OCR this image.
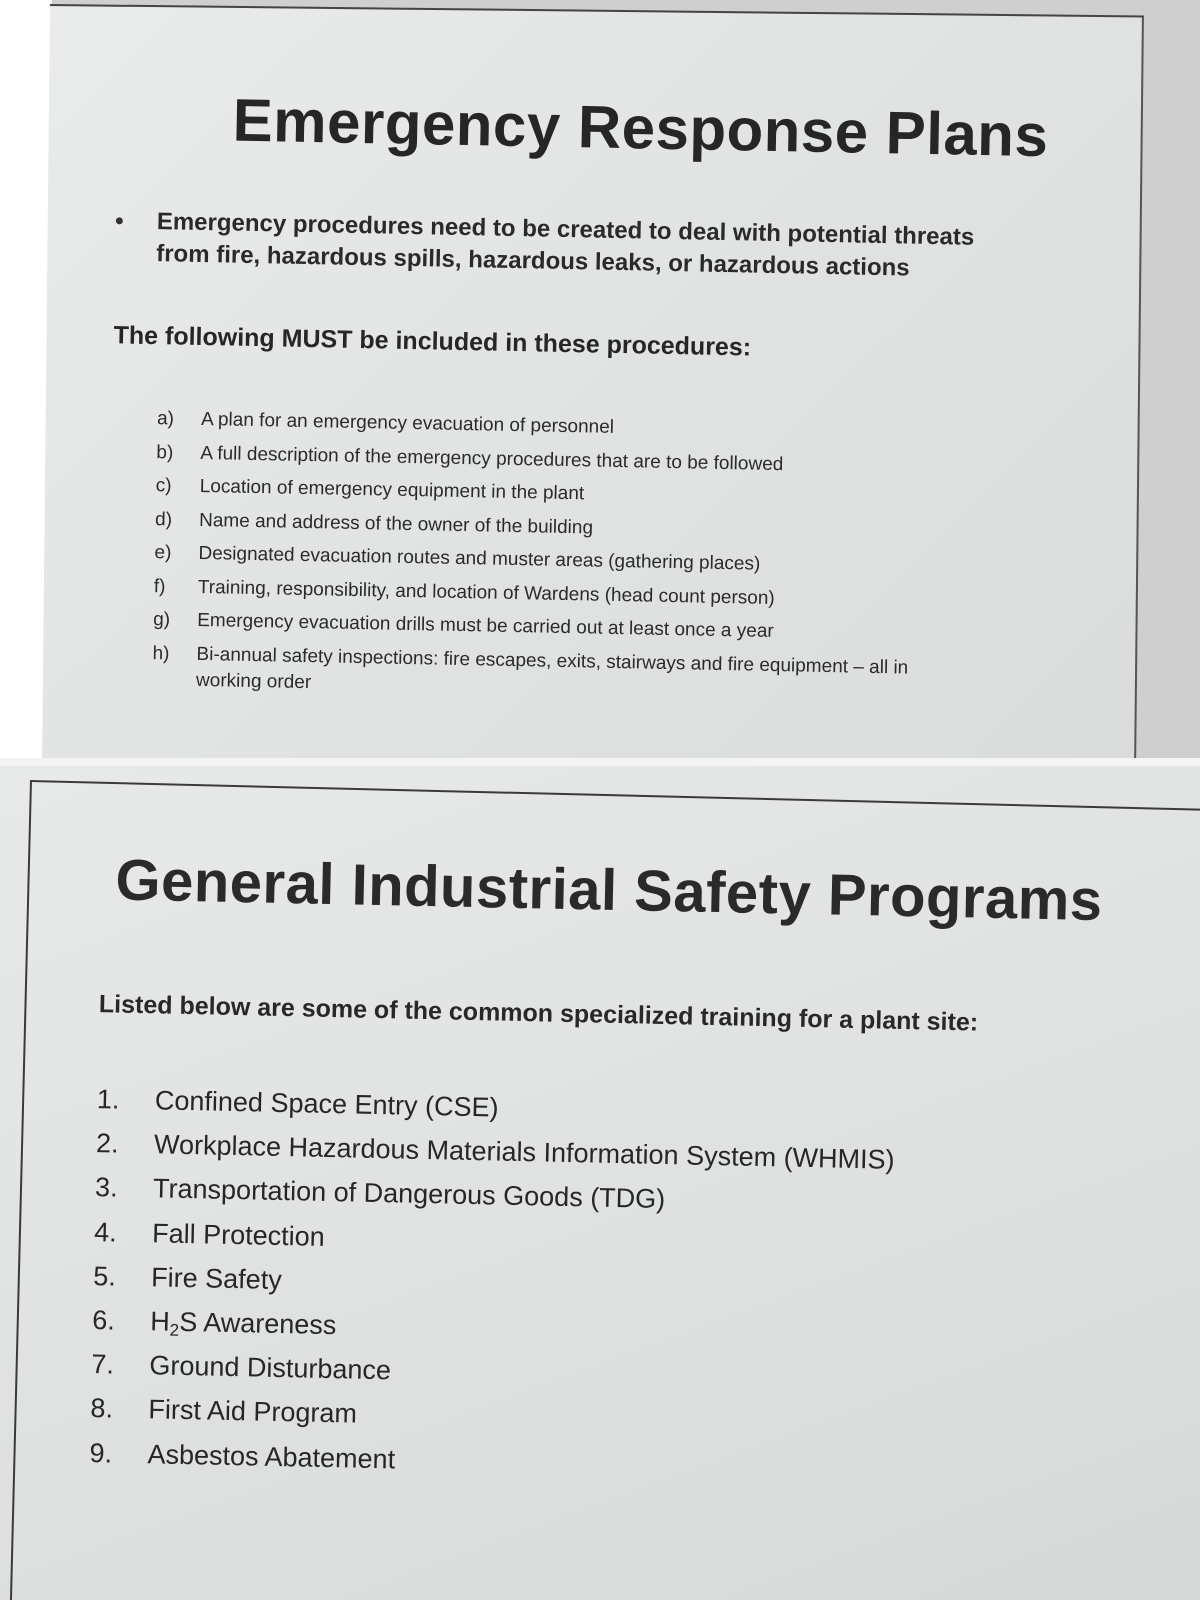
Emergency Response Plans
Emergency procedures need to be created to deal with potential threats from fire, hazardous spills, hazardous leaks, or hazardous actions
The following MUST be included in these procedures:
a)	A plan for an emergency evacuation of personnel
b)	A full description of the emergency procedures that are to be followed
c)	Location of emergency equipment in the plant
d)	Name and address of the owner of the building
e)	Designated evacuation routes and muster areas (gathering places)
f)	Training, responsibility, and location of Wardens (head count person)
g)	Emergency evacuation drills must be carried out at least once a year
h)	Bi-annual safety inspections: fire escapes, exits, stairways and fire equipment – all in working order
General Industrial Safety Programs
Listed below are some of the common specialized training for a plant site:
1.	Confined Space Entry (CSE)
2.	Workplace Hazardous Materials Information System (WHMIS)
3.	Transportation of Dangerous Goods (TDG)
4.	Fall Protection
5.	Fire Safety
6.	$H_2S$ Awareness
7.	Ground Disturbance
8.	First Aid Program
9.	Asbestos Abatement
